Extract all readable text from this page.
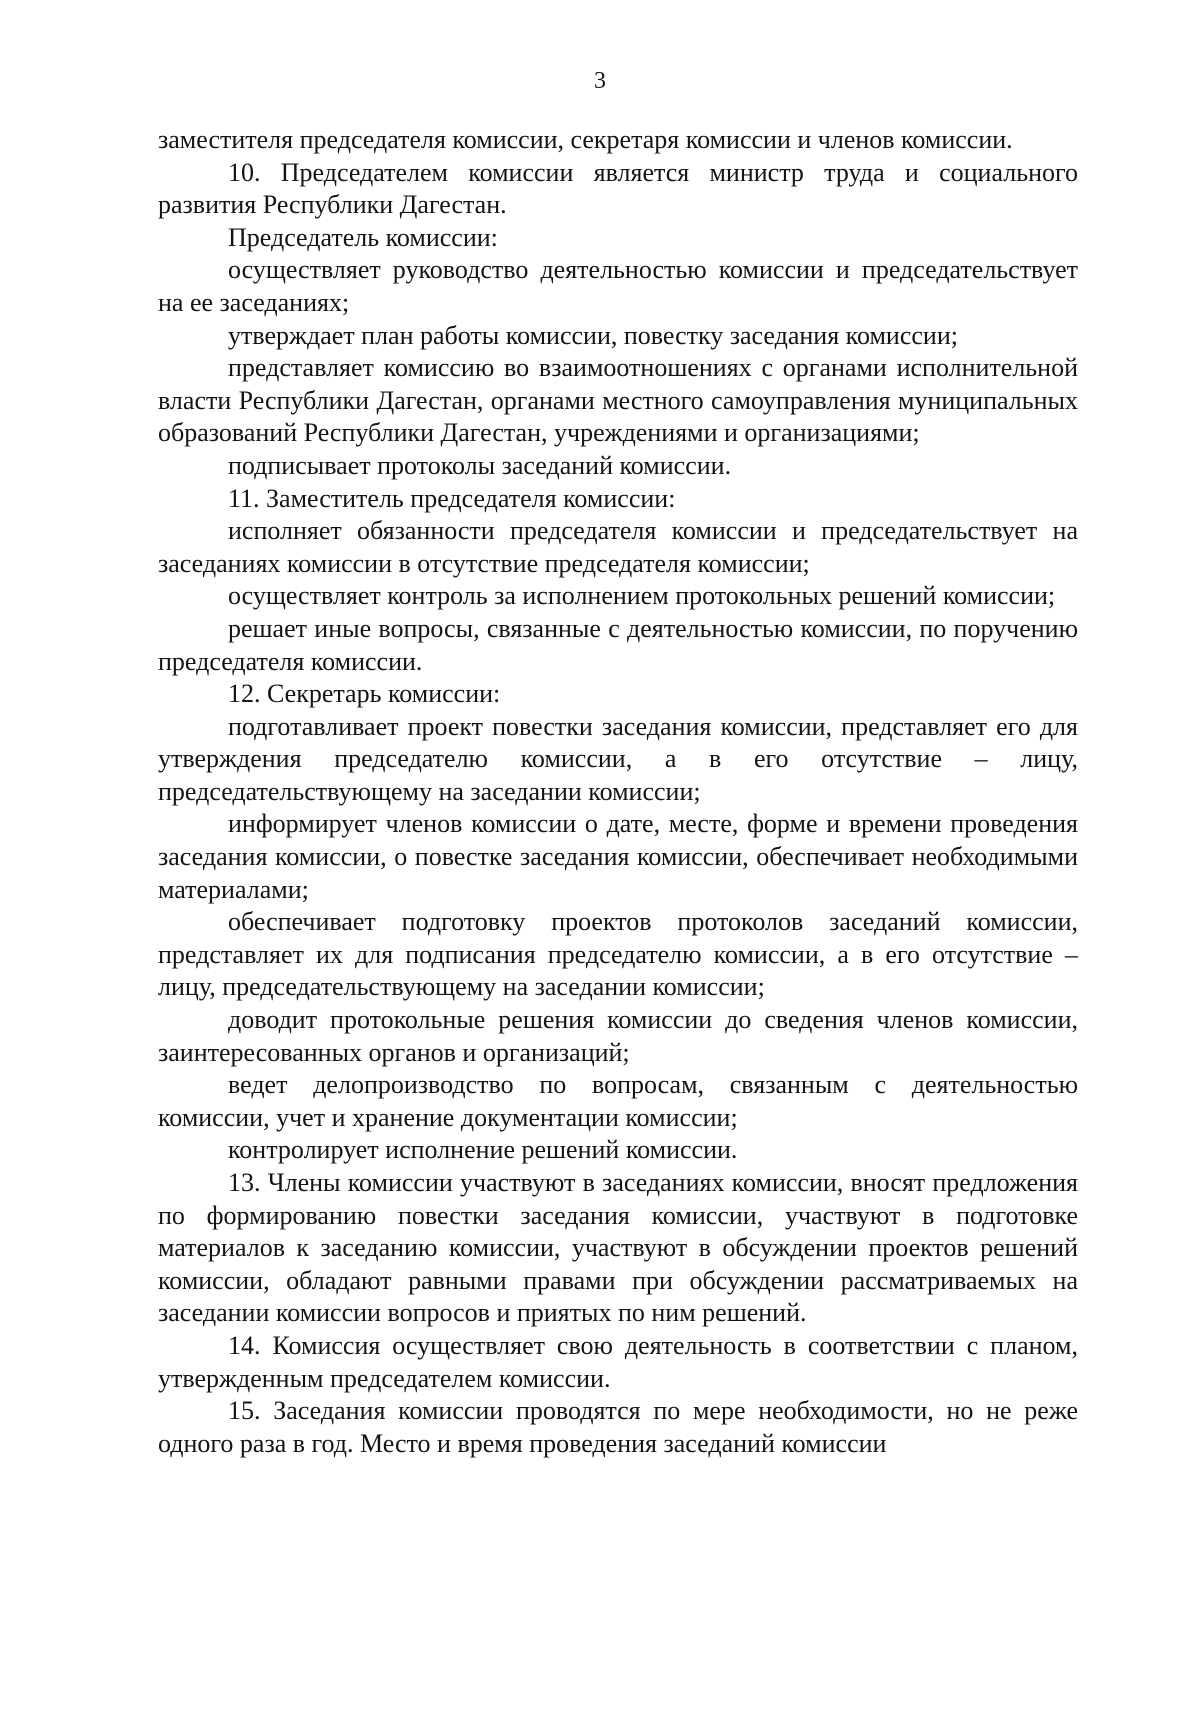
3

заместителя председателя комиссии, секретаря комиссии и членов комиссии.

10. Председателем комиссии является министр труда и социального развития Республики Дагестан.

Председатель комиссии:

осуществляет руководство деятельностью комиссии и председательствует на ее заседаниях;

утверждает план работы комиссии, повестку заседания комиссии;

представляет комиссию во взаимоотношениях с органами исполнительной власти Республики Дагестан, органами местного самоуправления муниципальных образований Республики Дагестан, учреждениями и организациями;

подписывает протоколы заседаний комиссии.

11. Заместитель председателя комиссии:

исполняет обязанности председателя комиссии и председательствует на заседаниях комиссии в отсутствие председателя комиссии;

осуществляет контроль за исполнением протокольных решений комиссии;

решает иные вопросы, связанные с деятельностью комиссии, по поручению председателя комиссии.

12. Секретарь комиссии:

подготавливает проект повестки заседания комиссии, представляет его для утверждения председателю комиссии, а в его отсутствие – лицу, председательствующему на заседании комиссии;

информирует членов комиссии о дате, месте, форме и времени проведения заседания комиссии, о повестке заседания комиссии, обеспечивает необходимыми материалами;

обеспечивает подготовку проектов протоколов заседаний комиссии, представляет их для подписания председателю комиссии, а в его отсутствие – лицу, председательствующему на заседании комиссии;

доводит протокольные решения комиссии до сведения членов комиссии, заинтересованных органов и организаций;

ведет делопроизводство по вопросам, связанным с деятельностью комиссии, учет и хранение документации комиссии;

контролирует исполнение решений комиссии.

13. Члены комиссии участвуют в заседаниях комиссии, вносят предложения по формированию повестки заседания комиссии, участвуют в подготовке материалов к заседанию комиссии, участвуют в обсуждении проектов решений комиссии, обладают равными правами при обсуждении рассматриваемых на заседании комиссии вопросов и приятых по ним решений.

14. Комиссия осуществляет свою деятельность в соответствии с планом, утвержденным председателем комиссии.

15. Заседания комиссии проводятся по мере необходимости, но не реже одного раза в год. Место и время проведения заседаний комиссии
